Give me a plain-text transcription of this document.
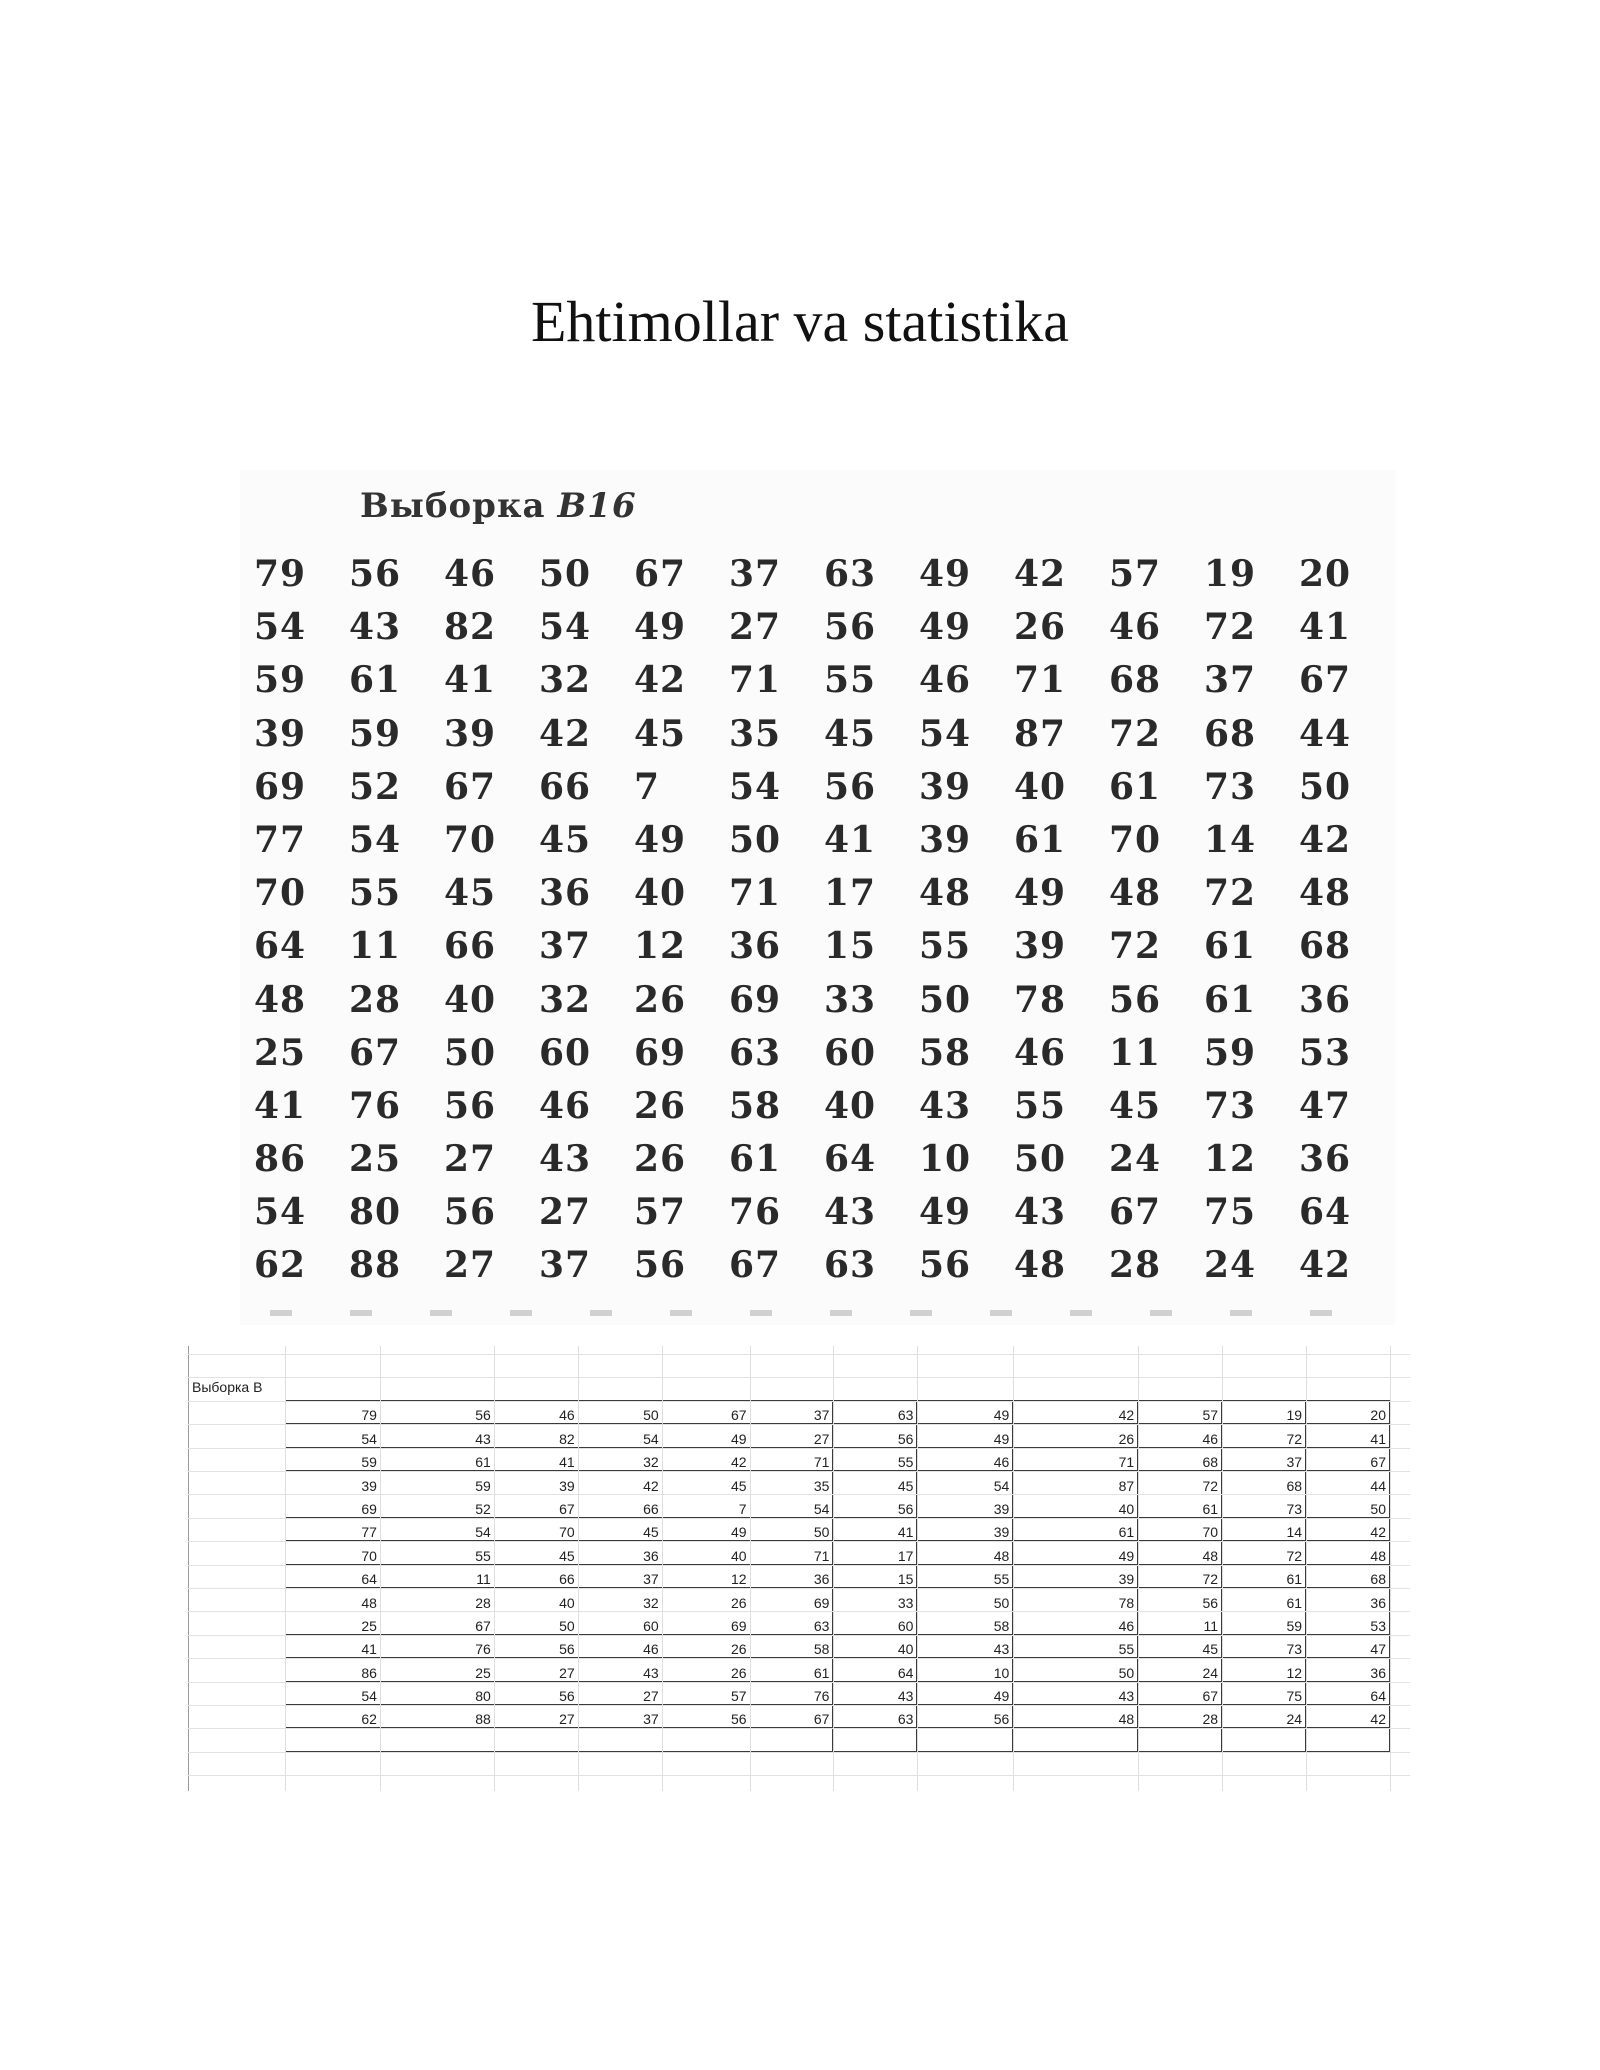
Ehtimollar va statistika
Выборка B16
79	56	46	50	67	37	63	49	42	57	19	20
54	43	82	54	49	27	56	49	26	46	72	41
59	61	41	32	42	71	55	46	71	68	37	67
39	59	39	42	45	35	45	54	87	72	68	44
69	52	67	66	7	54	56	39	40	61	73	50
77	54	70	45	49	50	41	39	61	70	14	42
70	55	45	36	40	71	17	48	49	48	72	48
64	11	66	37	12	36	15	55	39	72	61	68
48	28	40	32	26	69	33	50	78	56	61	36
25	67	50	60	69	63	60	58	46	11	59	53
41	76	56	46	26	58	40	43	55	45	73	47
86	25	27	43	26	61	64	10	50	24	12	36
54	80	56	27	57	76	43	49	43	67	75	64
62	88	27	37	56	67	63	56	48	28	24	42
Выборка B
79	56	46	50	67	37	63	49	42	57	19	20
54	43	82	54	49	27	56	49	26	46	72	41
59	61	41	32	42	71	55	46	71	68	37	67
39	59	39	42	45	35	45	54	87	72	68	44
69	52	67	66	7	54	56	39	40	61	73	50
77	54	70	45	49	50	41	39	61	70	14	42
70	55	45	36	40	71	17	48	49	48	72	48
64	11	66	37	12	36	15	55	39	72	61	68
48	28	40	32	26	69	33	50	78	56	61	36
25	67	50	60	69	63	60	58	46	11	59	53
41	76	56	46	26	58	40	43	55	45	73	47
86	25	27	43	26	61	64	10	50	24	12	36
54	80	56	27	57	76	43	49	43	67	75	64
62	88	27	37	56	67	63	56	48	28	24	42
